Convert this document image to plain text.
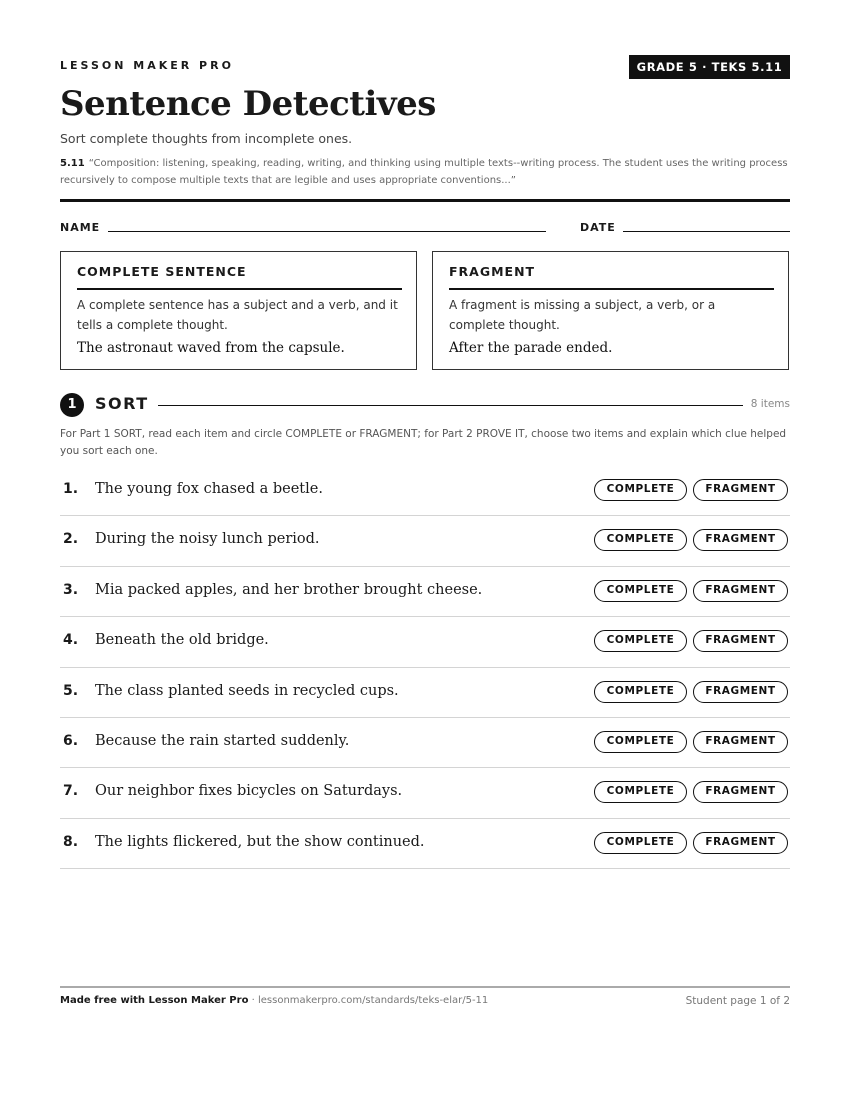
LESSON MAKER PRO	GRADE 5 · TEKS 5.11
Sentence Detectives
Sort complete thoughts from incomplete ones.
5.11 “Composition: listening, speaking, reading, writing, and thinking using multiple texts--writing process. The student uses the writing process recursively to compose multiple texts that are legible and uses appropriate conventions...”
NAME	DATE
COMPLETE SENTENCE
A complete sentence has a subject and a verb, and it tells a complete thought.
The astronaut waved from the capsule.
FRAGMENT
A fragment is missing a subject, a verb, or a complete thought.
After the parade ended.
1	SORT	8 items
For Part 1 SORT, read each item and circle COMPLETE or FRAGMENT; for Part 2 PROVE IT, choose two items and explain which clue helped you sort each one.
1. The young fox chased a beetle.	COMPLETE	FRAGMENT
2. During the noisy lunch period.	COMPLETE	FRAGMENT
3. Mia packed apples, and her brother brought cheese.	COMPLETE	FRAGMENT
4. Beneath the old bridge.	COMPLETE	FRAGMENT
5. The class planted seeds in recycled cups.	COMPLETE	FRAGMENT
6. Because the rain started suddenly.	COMPLETE	FRAGMENT
7. Our neighbor fixes bicycles on Saturdays.	COMPLETE	FRAGMENT
8. The lights flickered, but the show continued.	COMPLETE	FRAGMENT
Made free with Lesson Maker Pro · lessonmakerpro.com/standards/teks-elar/5-11	Student page 1 of 2
